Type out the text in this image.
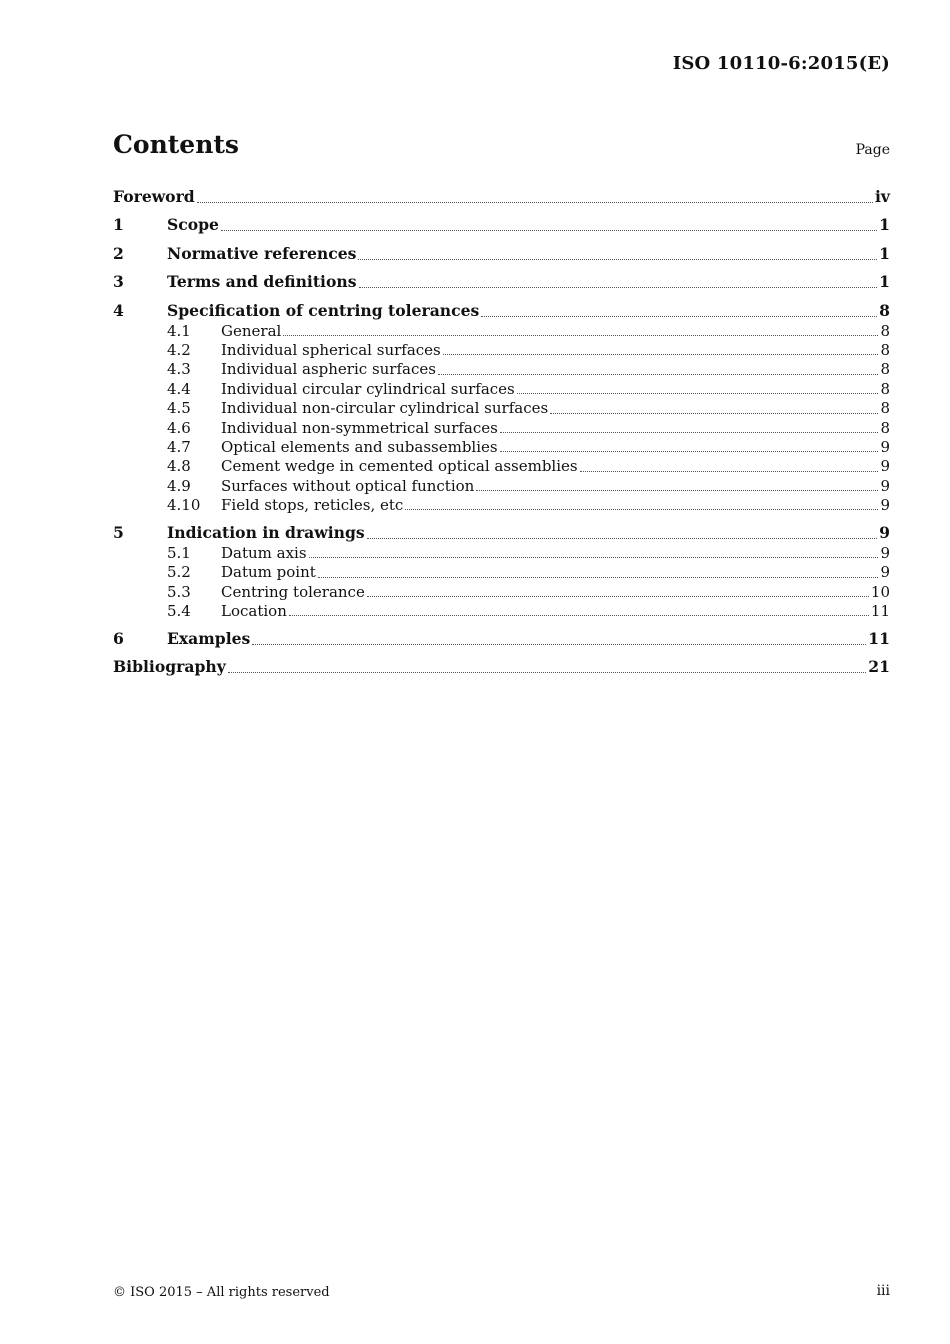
ISO 10110-6:2015(E)
Contents	Page
Foreword	iv
1	Scope	1
2	Normative references	1
3	Terms and definitions	1
4	Specification of centring tolerances	8
4.1	General	8
4.2	Individual spherical surfaces	8
4.3	Individual aspheric surfaces	8
4.4	Individual circular cylindrical surfaces	8
4.5	Individual non-circular cylindrical surfaces	8
4.6	Individual non-symmetrical surfaces	8
4.7	Optical elements and subassemblies	9
4.8	Cement wedge in cemented optical assemblies	9
4.9	Surfaces without optical function	9
4.10	Field stops, reticles, etc	9
5	Indication in drawings	9
5.1	Datum axis	9
5.2	Datum point	9
5.3	Centring tolerance	10
5.4	Location	11
6	Examples	11
Bibliography	21
© ISO 2015 – All rights reserved	iii
